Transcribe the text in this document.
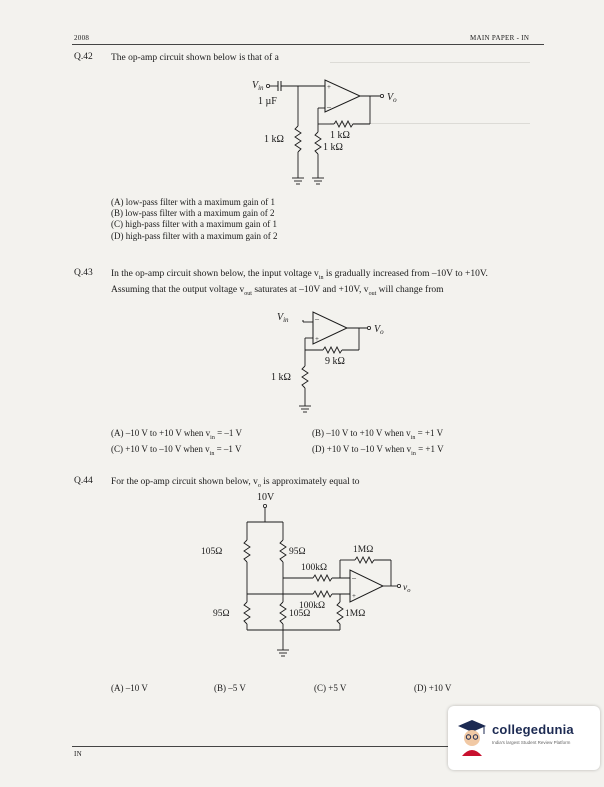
2008	MAIN PAPER - IN
Q.42 The op-amp circuit shown below is that of a
$V_{in}$
1 µF
+
–
$V_o$
1 kΩ	1 kΩ
1 kΩ
(A) low-pass filter with a maximum gain of 1
(B) low-pass filter with a maximum gain of 2
(C) high-pass filter with a maximum gain of 1
(D) high-pass filter with a maximum gain of 2
Q.43 In the op-amp circuit shown below, the input voltage $v_{in}$ is gradually increased from –10V to +10V.
Assuming that the output voltage $v_{out}$ saturates at –10V and +10V, $v_{out}$ will change from
$V_{in}$	–
+
$V_o$
9 kΩ
1 kΩ
(A) –10 V to +10 V when $v_{in} = -1$ V
(C) +10 V to –10 V when $v_{in} = -1$ V
(B) –10 V to +10 V when $v_{in} = +1$ V
(D) +10 V to –10 V when $v_{in} = +1$ V
Q.44 For the op-amp circuit shown below, $v_o$ is approximately equal to
10V
105Ω	95Ω
100kΩ
–
+
$v_o$
1MΩ
100kΩ
1MΩ
105Ω
95Ω
(A) –10 V	(B) –5 V	(C) +5 V	(D) +10 V
IN
collegedunia
India's largest Student Review Platform
